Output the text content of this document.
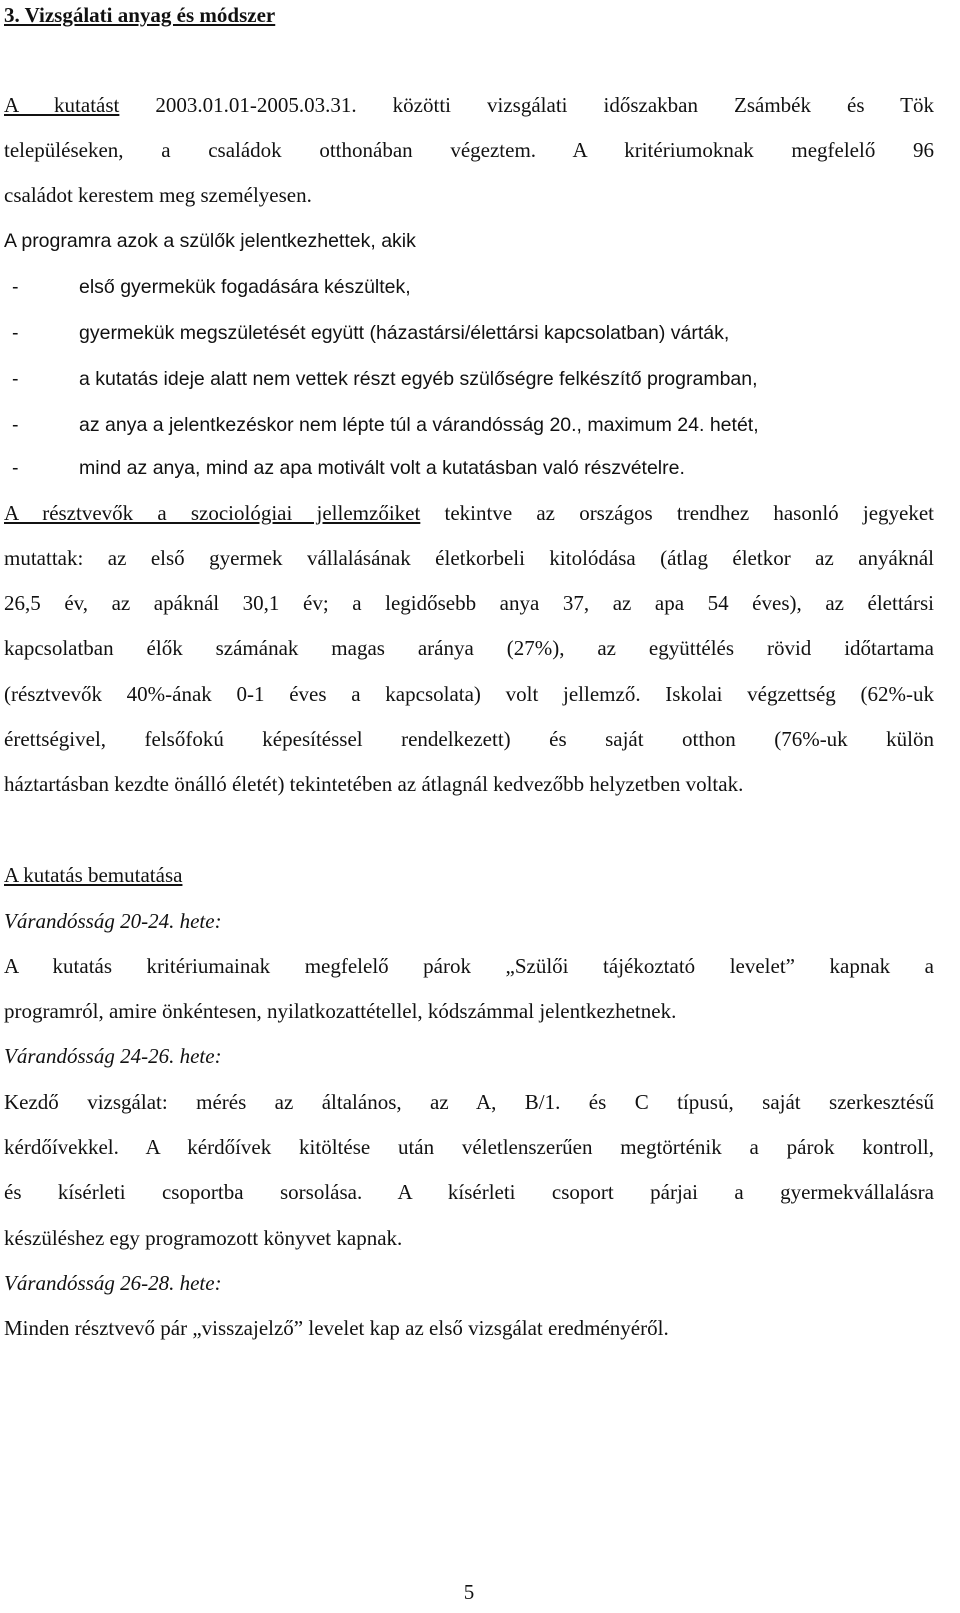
3. Vizsgálati anyag és módszer
A kutatást 2003.01.01-2005.03.31. közötti vizsgálati időszakban Zsámbék és Tök
településeken, a családok otthonában végeztem. A kritériumoknak megfelelő 96
családot kerestem meg személyesen.
A programra azok a szülők jelentkezhettek, akik
-	első gyermekük fogadására készültek,
-	gyermekük megszületését együtt (házastársi/élettársi kapcsolatban) várták,
-	a kutatás ideje alatt nem vettek részt egyéb szülőségre felkészítő programban,
-	az anya a jelentkezéskor nem lépte túl a várandósság 20., maximum 24. hetét,
-	mind az anya, mind az apa motivált volt a kutatásban való részvételre.
A résztvevők a szociológiai jellemzőiket tekintve az országos trendhez hasonló jegyeket
mutattak: az első gyermek vállalásának életkorbeli kitolódása (átlag életkor az anyáknál
26,5 év, az apáknál 30,1 év; a legidősebb anya 37, az apa 54 éves), az élettársi
kapcsolatban élők számának magas aránya (27%), az együttélés rövid időtartama
(résztvevők 40%-ának 0-1 éves a kapcsolata) volt jellemző. Iskolai végzettség (62%-uk
érettségivel, felsőfokú képesítéssel rendelkezett) és saját otthon (76%-uk külön
háztartásban kezdte önálló életét) tekintetében az átlagnál kedvezőbb helyzetben voltak.
A kutatás bemutatása
Várandósság 20-24. hete:
A kutatás kritériumainak megfelelő párok „Szülői tájékoztató levelet” kapnak a
programról, amire önkéntesen, nyilatkozattétellel, kódszámmal jelentkezhetnek.
Várandósság 24-26. hete:
Kezdő vizsgálat: mérés az általános, az A, B/1. és C típusú, saját szerkesztésű
kérdőívekkel. A kérdőívek kitöltése után véletlenszerűen megtörténik a párok kontroll,
és kísérleti csoportba sorsolása. A kísérleti csoport párjai a gyermekvállalásra
készüléshez egy programozott könyvet kapnak.
Várandósság 26-28. hete:
Minden résztvevő pár „visszajelző” levelet kap az első vizsgálat eredményéről.
5
